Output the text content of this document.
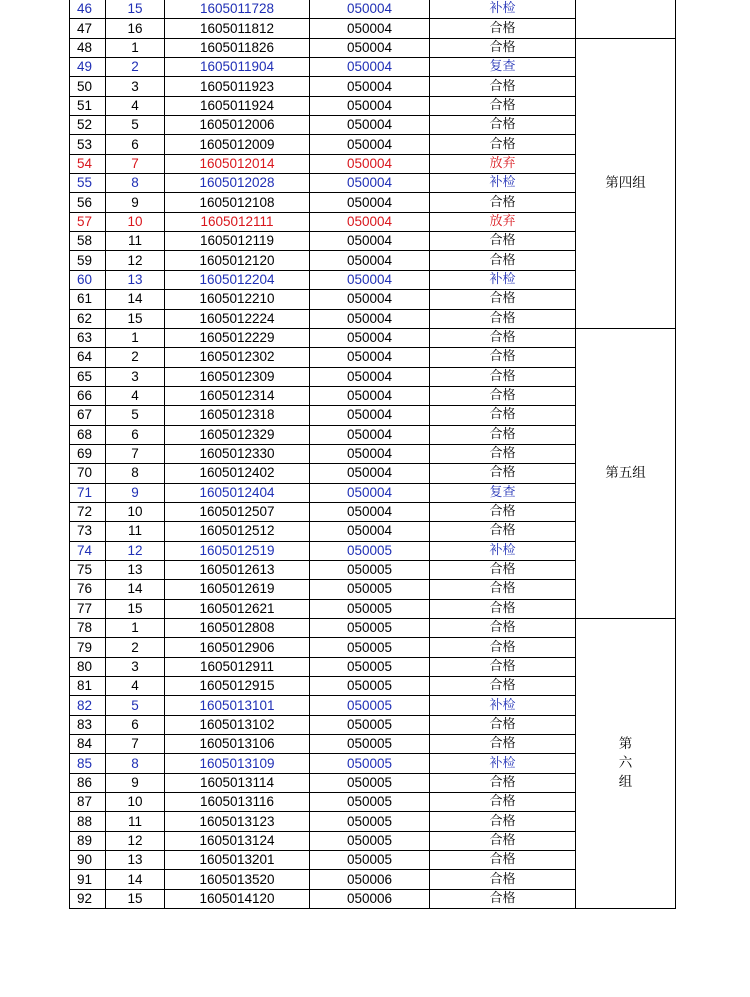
46	15	1605011728	050004	补检	
47	16	1605011812	050004	合格	
48	1	1605011826	050004	合格	第四组
49	2	1605011904	050004	复查	
50	3	1605011923	050004	合格	
51	4	1605011924	050004	合格	
52	5	1605012006	050004	合格	
53	6	1605012009	050004	合格	
54	7	1605012014	050004	放弃	
55	8	1605012028	050004	补检	
56	9	1605012108	050004	合格	
57	10	1605012111	050004	放弃	
58	11	1605012119	050004	合格	
59	12	1605012120	050004	合格	
60	13	1605012204	050004	补检	
61	14	1605012210	050004	合格	
62	15	1605012224	050004	合格	
63	1	1605012229	050004	合格	第五组
64	2	1605012302	050004	合格	
65	3	1605012309	050004	合格	
66	4	1605012314	050004	合格	
67	5	1605012318	050004	合格	
68	6	1605012329	050004	合格	
69	7	1605012330	050004	合格	
70	8	1605012402	050004	合格	
71	9	1605012404	050004	复查	
72	10	1605012507	050004	合格	
73	11	1605012512	050004	合格	
74	12	1605012519	050005	补检	
75	13	1605012613	050005	合格	
76	14	1605012619	050005	合格	
77	15	1605012621	050005	合格	
78	1	1605012808	050005	合格	第六组
79	2	1605012906	050005	合格	
80	3	1605012911	050005	合格	
81	4	1605012915	050005	合格	
82	5	1605013101	050005	补检	
83	6	1605013102	050005	合格	
84	7	1605013106	050005	合格	
85	8	1605013109	050005	补检	
86	9	1605013114	050005	合格	
87	10	1605013116	050005	合格	
88	11	1605013123	050005	合格	
89	12	1605013124	050005	合格	
90	13	1605013201	050005	合格	
91	14	1605013520	050006	合格	
92	15	1605014120	050006	合格	
